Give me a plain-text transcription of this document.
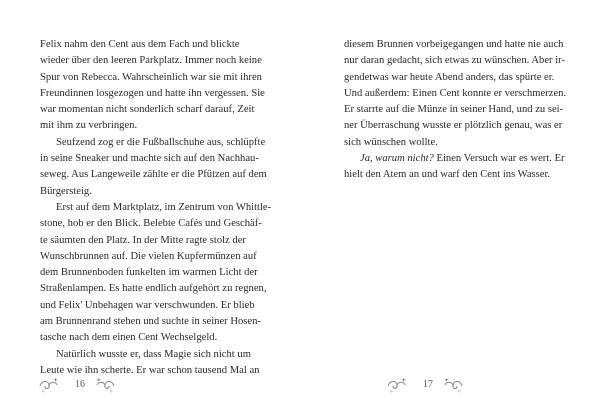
Felix nahm den Cent aus dem Fach und blickte
wieder über den leeren Parkplatz. Immer noch keine
Spur von Rebecca. Wahrscheinlich war sie mit ihren
Freundinnen losgezogen und hatte ihn vergessen. Sie
war momentan nicht sonderlich scharf darauf, Zeit
mit ihm zu verbringen.

Seufzend zog er die Fußballschuhe aus, schlüpfte
in seine Sneaker und machte sich auf den Nachhau-
seweg. Aus Langeweile zählte er die Pfützen auf dem
Bürgersteig.

Erst auf dem Marktplatz, im Zentrum von Whittle-
stone, hob er den Blick. Belebte Cafés und Geschäf-
te säumten den Platz. In der Mitte ragte stolz der
Wunschbrunnen auf. Die vielen Kupfermünzen auf
dem Brunnenboden funkelten im warmen Licht der
Straßenlampen. Es hatte endlich aufgehört zu regnen,
und Felix' Unbehagen war verschwunden. Er blieb
am Brunnenrand stehen und suchte in seiner Hosen-
tasche nach dem einen Cent Wechselgeld.

Natürlich wusste er, dass Magie sich nicht um
Leute wie ihn scherte. Er war schon tausend Mal an

✦
✧
16	✦
✧

diesem Brunnen vorbeigegangen und hatte nie auch
nur daran gedacht, sich etwas zu wünschen. Aber ir-
gendetwas war heute Abend anders, das spürte er.
Und außerdem: Einen Cent konnte er verschmerzen.
Er starrte auf die Münze in seiner Hand, und zu sei-
ner Überraschung wusste er plötzlich genau, was er
sich wünschen wollte.

Ja, warum nicht? Einen Versuch war es wert. Er
hielt den Atem an und warf den Cent ins Wasser.

✦
✧
17	✦
✧
